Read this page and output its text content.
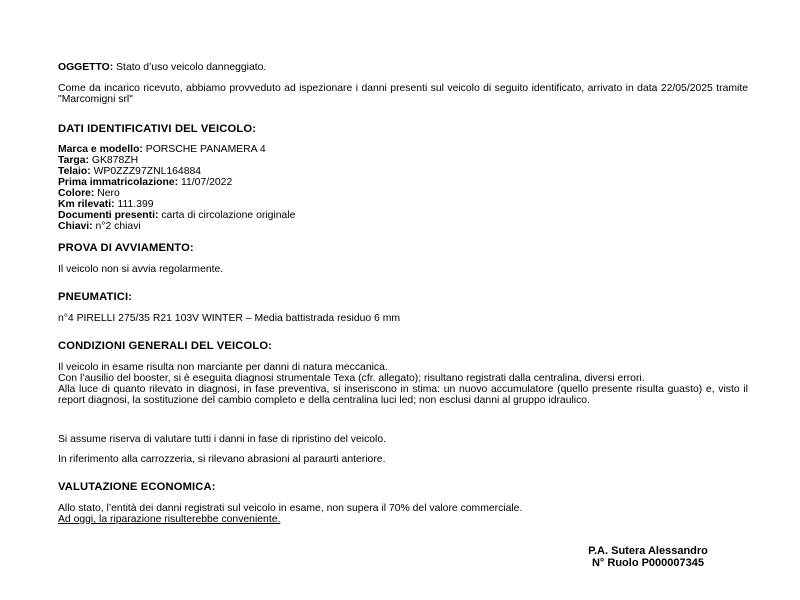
OGGETTO: Stato d’uso veicolo danneggiato.
Come da incarico ricevuto, abbiamo provveduto ad ispezionare i danni presenti sul veicolo di seguito identificato, arrivato in data 22/05/2025 tramite "Marcomigni srl"
DATI IDENTIFICATIVI DEL VEICOLO:
Marca e modello: PORSCHE PANAMERA 4
Targa: GK878ZH
Telaio: WP0ZZZ97ZNL164884
Prima immatricolazione: 11/07/2022
Colore: Nero
Km rilevati: 111.399
Documenti presenti: carta di circolazione originale
Chiavi: n°2 chiavi
PROVA DI AVVIAMENTO:
Il veicolo non si avvia regolarmente.
PNEUMATICI:
n°4 PIRELLI 275/35 R21 103V WINTER – Media battistrada residuo 6 mm
CONDIZIONI GENERALI DEL VEICOLO:
Il veicolo in esame risulta non marciante per danni di natura meccanica.
Con l’ausilio del booster, si è eseguita diagnosi strumentale Texa (cfr. allegato); risultano registrati dalla centralina, diversi errori.
Alla luce di quanto rilevato in diagnosi, in fase preventiva, si inseriscono in stima: un nuovo accumulatore (quello presente risulta guasto) e, visto il report diagnosi, la sostituzione del cambio completo e della centralina luci led; non esclusi danni al gruppo idraulico.
Si assume riserva di valutare tutti i danni in fase di ripristino del veicolo.
In riferimento alla carrozzeria, si rilevano abrasioni al paraurti anteriore.
VALUTAZIONE ECONOMICA:
Allo stato, l’entità dei danni registrati sul veicolo in esame, non supera il 70% del valore commerciale.
Ad oggi, la riparazione risulterebbe conveniente.
P.A. Sutera Alessandro
N° Ruolo P000007345
